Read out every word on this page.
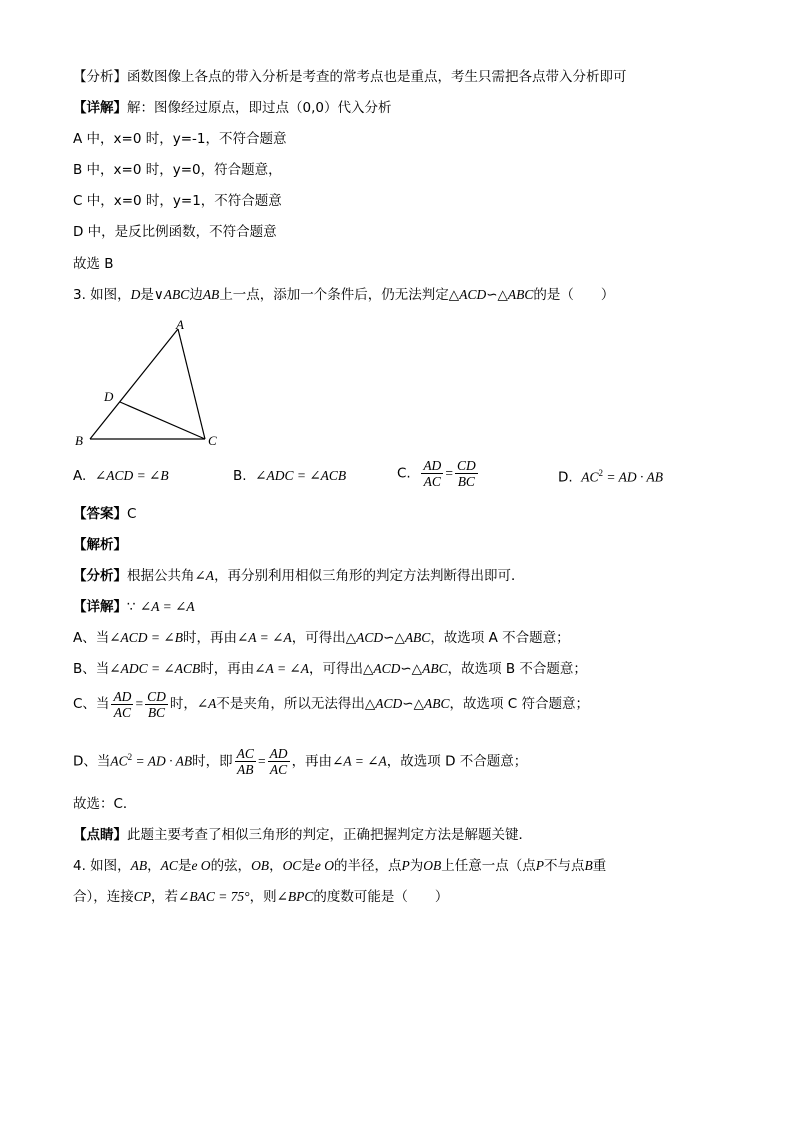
【分析】函数图像上各点的带入分析是考查的常考点也是重点，考生只需把各点带入分析即可
【详解】解：图像经过原点，即过点（0,0）代入分析
A 中，x=0 时，y=-1，不符合题意
B 中，x=0 时，y=0，符合题意，
C 中，x=0 时，y=1，不符合题意
D 中，是反比例函数，不符合题意
故选 B
3. 如图，D是∨ABC边AB上一点，添加一个条件后，仍无法判定△ACD∽△ABC的是（　　）
A
D
B	C
A. ∠ACD = ∠B	B. ∠ADC = ∠ACB	C. $\frac{AD}{AC} = \frac{CD}{BC}$	D. $AC^2$ = AD · AB
【答案】C
【解析】
【分析】根据公共角∠A，再分别利用相似三角形的判定方法判断得出即可．
【详解】∵ ∠A = ∠A
A、当∠ACD = ∠B时，再由∠A = ∠A，可得出△ACD∽△ABC，故选项 A 不合题意；
B、当∠ADC = ∠ACB时，再由∠A = ∠A，可得出△ACD∽△ABC，故选项 B 不合题意；
C、当 $\frac{AD}{AC} = \frac{CD}{BC}$ 时，∠A不是夹角，所以无法得出△ACD∽△ABC，故选项 C 符合题意；
D、当$AC^2$ = AD · AB时，即 $\frac{AC}{AB} = \frac{AD}{AC}$ ，再由∠A = ∠A，故选项 D 不合题意；
故选：C．
【点睛】此题主要考查了相似三角形的判定，正确把握判定方法是解题关键．
4. 如图，AB，AC是e O的弦，OB，OC是e O的半径，点P为OB上任意一点（点P不与点B重
合），连接CP，若∠BAC = 75°，则∠BPC的度数可能是（　　）
